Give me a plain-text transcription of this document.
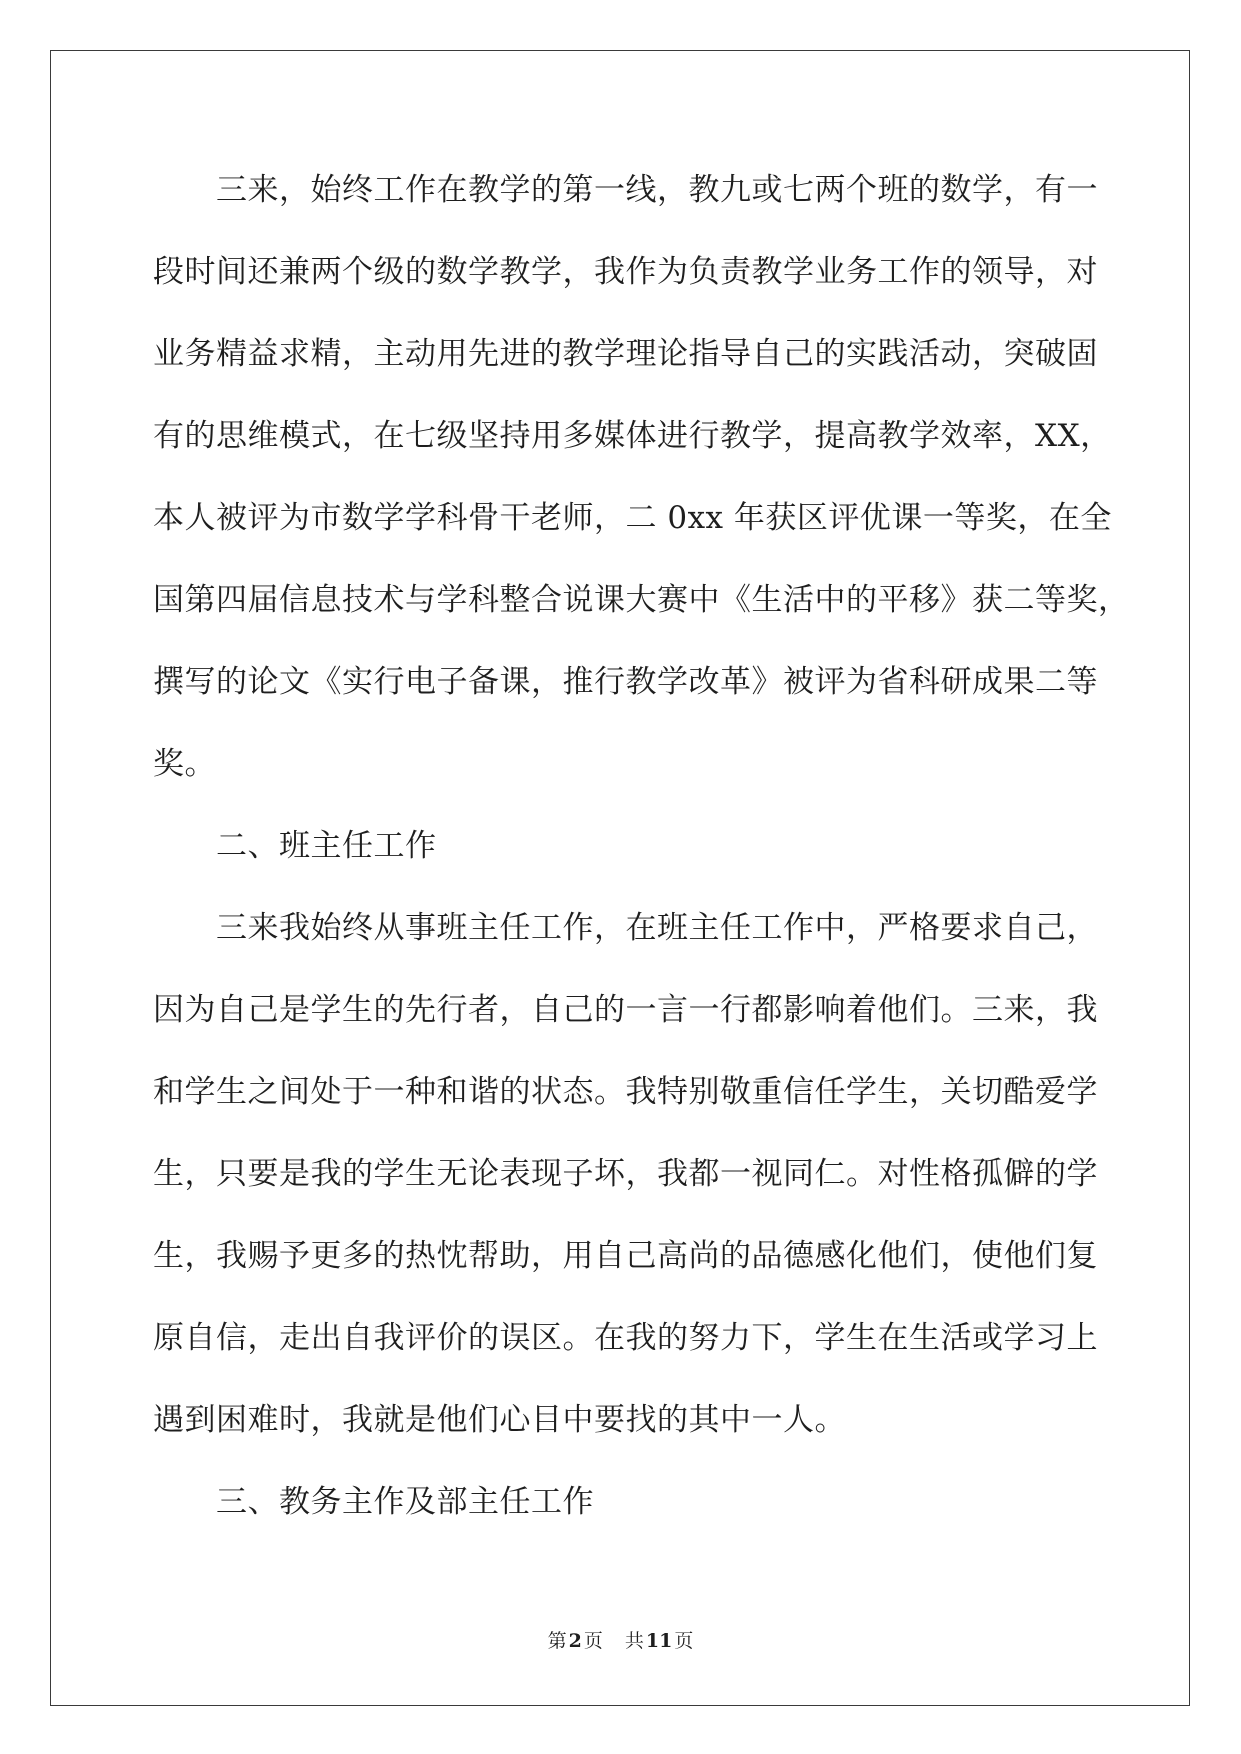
三来，始终工作在教学的第一线，教九或七两个班的数学，有一
段时间还兼两个级的数学教学，我作为负责教学业务工作的领导，对
业务精益求精，主动用先进的教学理论指导自己的实践活动，突破固
有的思维模式，在七级坚持用多媒体进行教学，提高教学效率，XX，
本人被评为市数学学科骨干老师，二 0xx 年获区评优课一等奖，在全
国第四届信息技术与学科整合说课大赛中《生活中的平移》获二等奖，
撰写的论文《实行电子备课，推行教学改革》被评为省科研成果二等
奖。
二、班主任工作
三来我始终从事班主任工作，在班主任工作中，严格要求自己，
因为自己是学生的先行者，自己的一言一行都影响着他们。三来，我
和学生之间处于一种和谐的状态。我特别敬重信任学生，关切酷爱学
生，只要是我的学生无论表现子坏，我都一视同仁。对性格孤僻的学
生，我赐予更多的热忱帮助，用自己高尚的品德感化他们，使他们复
原自信，走出自我评价的误区。在我的努力下，学生在生活或学习上
遇到困难时，我就是他们心目中要找的其中一人。
三、教务主作及部主任工作
第 2 页 共 11 页
